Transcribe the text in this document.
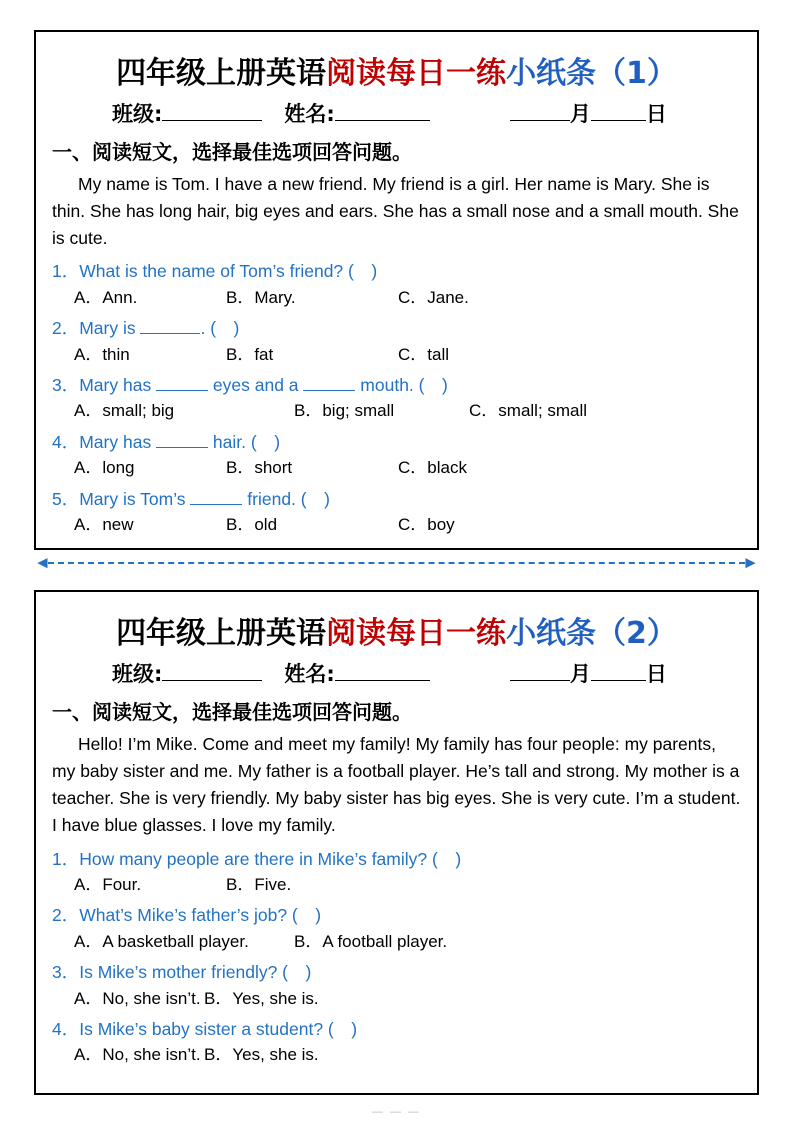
四年级上册英语阅读每日一练小纸条（1）
班级:	姓名:	月	日
一、阅读短文，选择最佳选项回答问题。
My name is Tom. I have a new friend. My friend is a girl. Her name is Mary. She is thin. She has long hair, big eyes and ears. She has a small nose and a small mouth. She is cute.
1．What is the name of Tom’s friend? (　)
A．Ann.	B．Mary.	C．Jane.
2．Mary is	. (　)
A．thin	B．fat	C．tall
3．Mary has	eyes and a	mouth. (　)
A．small; big	B．big; small	C．small; small
4．Mary has	hair. (　)
A．long	B．short	C．black
5．Mary is Tom’s	friend. (　)
A．new	B．old	C．boy
◄	►
四年级上册英语阅读每日一练小纸条（2）
班级:	姓名:	月	日
一、阅读短文，选择最佳选项回答问题。
Hello! I’m Mike. Come and meet my family! My family has four people: my parents, my baby sister and me. My father is a football player. He’s tall and strong. My mother is a teacher. She is very friendly. My baby sister has big eyes. She is very cute. I’m a student. I have blue glasses. I love my family.
1．How many people are there in Mike’s family? (　)
A．Four.	B．Five.
2．What’s Mike’s father’s job? (　)
A．A basketball player.	B．A football player.
3．Is Mike’s mother friendly? (　)
A．No, she isn’t. B．Yes, she is.
4．Is Mike’s baby sister a student? (　)
A．No, she isn’t. B．Yes, she is.
— — —
